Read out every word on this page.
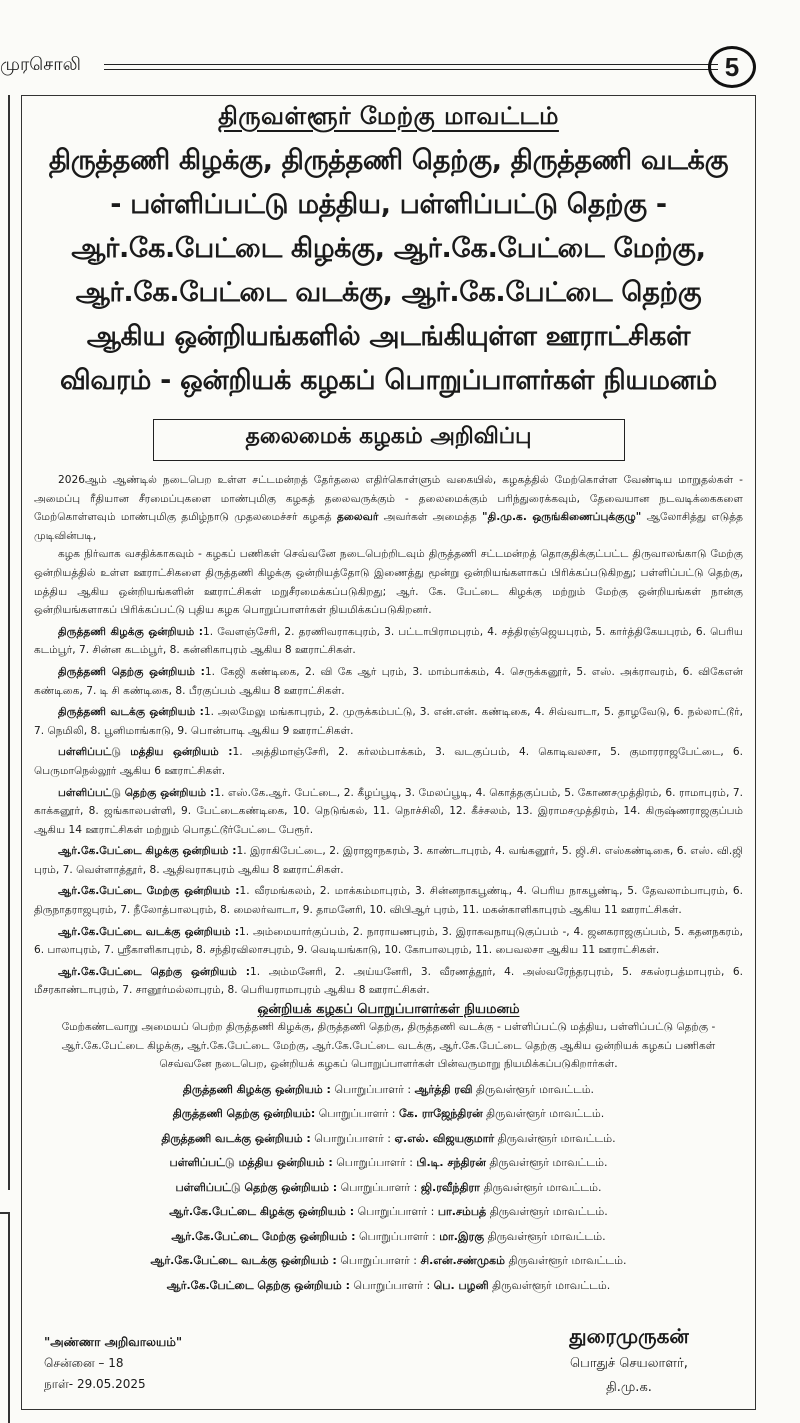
முரசொலி	5
திருவள்ளூர் மேற்கு மாவட்டம்
திருத்தணி கிழக்கு, திருத்தணி தெற்கு, திருத்தணி வடக்கு - பள்ளிப்பட்டு மத்திய, பள்ளிப்பட்டு தெற்கு - ஆர்.கே.பேட்டை கிழக்கு, ஆர்.கே.பேட்டை மேற்கு, ஆர்.கே.பேட்டை வடக்கு, ஆர்.கே.பேட்டை தெற்கு ஆகிய ஒன்றியங்களில் அடங்கியுள்ள ஊராட்சிகள் விவரம் - ஒன்றியக் கழகப் பொறுப்பாளர்கள் நியமனம்
தலைமைக் கழகம் அறிவிப்பு

2026ஆம் ஆண்டில் நடைபெற உள்ள சட்டமன்றத் தேர்தலை எதிர்கொள்ளும் வகையில், கழகத்தில் மேற்கொள்ள வேண்டிய மாறுதல்கள் - அமைப்பு ரீதியான சீரமைப்புகளை மாண்புமிகு கழகத் தலைவருக்கும் - தலைமைக்கும் பரிந்துரைக்கவும், தேவையான நடவடிக்கைகளை மேற்கொள்ளவும் மாண்புமிகு தமிழ்நாடு முதலமைச்சர் கழகத் தலைவர் அவர்கள் அமைத்த "தி.மு.க. ஒருங்கிணைப்புக்குழு" ஆலோசித்து எடுத்த முடிவின்படி,

கழக நிர்வாக வசதிக்காகவும் - கழகப் பணிகள் செவ்வனே நடைபெற்றிடவும் திருத்தணி சட்டமன்றத் தொகுதிக்குட்பட்ட திருவாலங்காடு மேற்கு ஒன்றியத்தில் உள்ள ஊராட்சிகளை திருத்தணி கிழக்கு ஒன்றியத்தோடு இணைத்து மூன்று ஒன்றியங்களாகப் பிரிக்கப்படுகிறது; பள்ளிப்பட்டு தெற்கு, மத்திய ஆகிய ஒன்றியங்களின் ஊராட்சிகள் மறுசீரமைக்கப்படுகிறது; ஆர். கே. பேட்டை கிழக்கு மற்றும் மேற்கு ஒன்றியங்கள் நான்கு ஒன்றியங்களாகப் பிரிக்கப்பட்டு புதிய கழக பொறுப்பாளர்கள் நியமிக்கப்படுகிறனர்.

திருத்தணி கிழக்கு ஒன்றியம் :1. வேளஞ்சேரி, 2. தரணிவராகபுரம், 3. பட்டாபிராமபுரம், 4. சத்திரஞ்ஜெயபுரம், 5. கார்த்திகேயபுரம், 6. பெரிய கடம்பூர், 7. சின்ன கடம்பூர், 8. கன்னிகாபுரம் ஆகிய 8 ஊராட்சிகள்.

திருத்தணி தெற்கு ஒன்றியம் :1. கேஜி கண்டிகை, 2. வி கே ஆர் புரம், 3. மாம்பாக்கம், 4. செருக்கனூர், 5. எஸ். அக்ராவரம், 6. விகேஎன் கண்டிகை, 7. டி சி கண்டிகை, 8. பீரகுப்பம் ஆகிய 8 ஊராட்சிகள்.

திருத்தணி வடக்கு ஒன்றியம் :1. அலமேலு மங்காபுரம், 2. முருக்கம்பட்டு, 3. என்.என். கண்டிகை, 4. சிவ்வாடா, 5. தாழவேடு, 6. நல்லாட்டூர், 7. நெமிலி, 8. பூனிமாங்காடு, 9. பொன்பாடி ஆகிய 9 ஊராட்சிகள்.

பள்ளிப்பட்டு மத்திய ஒன்றியம் :1. அத்திமாஞ்சேரி, 2. கர்லம்பாக்கம், 3. வடகுப்பம், 4. கொடிவலசா, 5. குமாரராஜபேட்டை, 6. பெருமாநெல்லூர் ஆகிய 6 ஊராட்சிகள்.

பள்ளிப்பட்டு தெற்கு ஒன்றியம் :1. எஸ்.கே.ஆர். பேட்டை, 2. கீழப்பூடி, 3. மேலப்பூடி, 4. கொத்தகுப்பம், 5. கோணசமுத்திரம், 6. ராமாபுரம், 7. காக்கனூர், 8. ஜங்காலபள்ளி, 9. பேட்டைகண்டிகை, 10. நெடுங்கல், 11. நொச்சிலி, 12. கீச்சலம், 13. இராமசமுத்திரம், 14. கிருஷ்ணராஜகுப்பம் ஆகிய 14 ஊராட்சிகள் மற்றும் பொதட்டூர்பேட்டை பேரூர்.

ஆர்.கே.பேட்டை கிழக்கு ஒன்றியம் :1. இராகிபேட்டை, 2. இராஜாநகரம், 3. காண்டாபுரம், 4. வங்கனூர், 5. ஜி.சி. எஸ்கண்டிகை, 6. எஸ். வி.ஜி புரம், 7. வெள்ளாத்தூர், 8. ஆதிவராகபுரம் ஆகிய 8 ஊராட்சிகள்.

ஆர்.கே.பேட்டை மேற்கு ஒன்றியம் :1. வீரமங்கலம், 2. மாக்கம்மாபுரம், 3. சின்னநாகபூண்டி, 4. பெரிய நாகபூண்டி, 5. தேவலாம்பாபுரம், 6. திருநாதராஜபுரம், 7. நீலோத்பாலபுரம், 8. மைலர்வாடா, 9. தாமனேரி, 10. விபிஆர் புரம், 11. மகன்காளிகாபுரம் ஆகிய 11 ஊராட்சிகள்.

ஆர்.கே.பேட்டை வடக்கு ஒன்றியம் :1. அம்மையார்குப்பம், 2. நாராயணபுரம், 3. இராகவநாயுடுகுப்பம் -, 4. ஜனகராஜகுப்பம், 5. கதனநகரம், 6. பாலாபுரம், 7. ஸ்ரீகாளிகாபுரம், 8. சந்திரவிலாசபுரம், 9. வெடியங்காடு, 10. கோபாலபுரம், 11. பைவலசா ஆகிய 11 ஊராட்சிகள்.

ஆர்.கே.பேட்டை தெற்கு ஒன்றியம் :1. அம்மனேரி, 2. அய்யனேரி, 3. வீரணத்தூர், 4. அஸ்வரேந்தரபுரம், 5. சகஸ்ரபத்மாபுரம், 6. மீசரகாண்டாபுரம், 7. சானூர்மல்லாபுரம், 8. பெரியராமாபுரம் ஆகிய 8 ஊராட்சிகள்.

ஒன்றியக் கழகப் பொறுப்பாளர்கள் நியமனம்
மேற்கண்டவாறு அமையப் பெற்ற திருத்தணி கிழக்கு, திருத்தணி தெற்கு, திருத்தணி வடக்கு - பள்ளிப்பட்டு மத்திய, பள்ளிப்பட்டு தெற்கு - ஆர்.கே.பேட்டை கிழக்கு, ஆர்.கே.பேட்டை மேற்கு, ஆர்.கே.பேட்டை வடக்கு, ஆர்.கே.பேட்டை தெற்கு ஆகிய ஒன்றியக் கழகப் பணிகள் செவ்வனே நடைபெற, ஒன்றியக் கழகப் பொறுப்பாளர்கள் பின்வருமாறு நியமிக்கப்படுகிறார்கள்.
திருத்தணி கிழக்கு ஒன்றியம் : பொறுப்பாளர் : ஆர்த்தி ரவி திருவள்ளூர் மாவட்டம்.
திருத்தணி தெற்கு ஒன்றியம்: பொறுப்பாளர் : கே. ராஜேந்திரன் திருவள்ளூர் மாவட்டம்.
திருத்தணி வடக்கு ஒன்றியம் : பொறுப்பாளர் : ஏ.எல். விஜயகுமார் திருவள்ளூர் மாவட்டம்.
பள்ளிப்பட்டு மத்திய ஒன்றியம் : பொறுப்பாளர் : பி.டி. சந்திரன் திருவள்ளூர் மாவட்டம்.
பள்ளிப்பட்டு தெற்கு ஒன்றியம் : பொறுப்பாளர் : ஜி.ரவீந்திரா திருவள்ளூர் மாவட்டம்.
ஆர்.கே.பேட்டை கிழக்கு ஒன்றியம் : பொறுப்பாளர் : பா.சம்பத் திருவள்ளூர் மாவட்டம்.
ஆர்.கே.பேட்டை மேற்கு ஒன்றியம் : பொறுப்பாளர் : மா.இரகு திருவள்ளூர் மாவட்டம்.
ஆர்.கே.பேட்டை வடக்கு ஒன்றியம் : பொறுப்பாளர் : சி.என்.சண்முகம் திருவள்ளூர் மாவட்டம்.
ஆர்.கே.பேட்டை தெற்கு ஒன்றியம் : பொறுப்பாளர் : பெ. பழனி திருவள்ளூர் மாவட்டம்.
"அண்ணா அறிவாலயம்"
சென்னை – 18
நாள்- 29.05.2025
துரைமுருகன்
பொதுச் செயலாளர்,
தி.மு.க.
